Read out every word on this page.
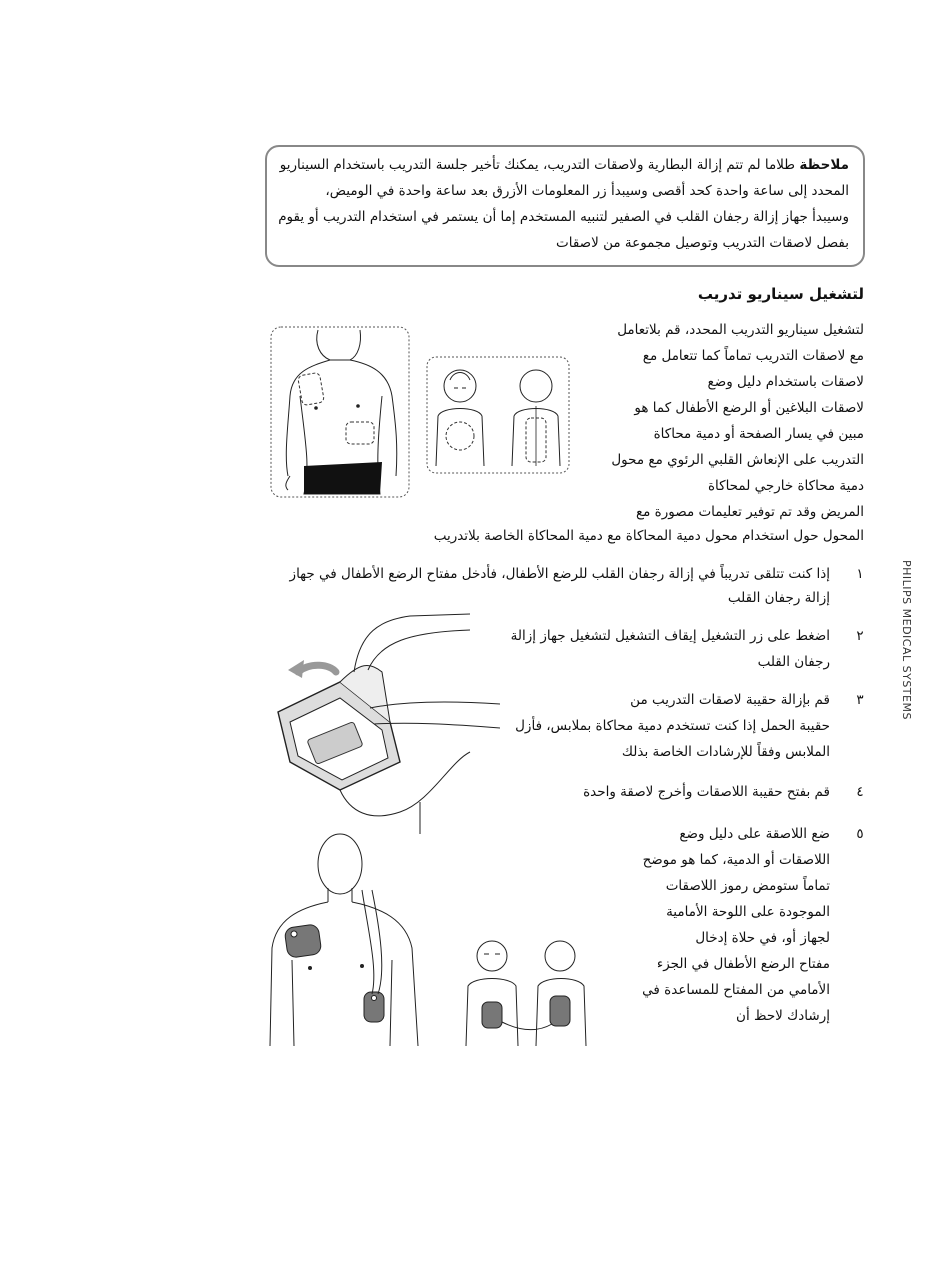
ملاحظة طلاما لم تتم إزالة البطارية ولاصقات التدريب، يمكنك تأخير جلسة التدريب باستخدام السيناريو
المحدد إلى ساعة واحدة كحد أقصى وسيبدأ زر المعلومات الأزرق بعد ساعة واحدة في الوميض،
وسيبدأ جهاز إزالة رجفان القلب في الصفير لتنبيه المستخدم إما أن يستمر في استخدام التدريب أو يقوم
بفصل لاصقات التدريب وتوصيل مجموعة من لاصقات
لتشغيل سيناريو تدريب
لتشغيل سيناريو التدريب المحدد، قم بلاتعامل
مع لاصقات التدريب تماماً كما تتعامل مع
لاصقات باستخدام دليل وضع
لاصقات البلاغين أو الرضع الأطفال كما هو
مبين في يسار الصفحة أو دمية محاكاة
التدريب على الإنعاش القلبي الرئوي مع محول
دمية محاكاة خارجي لمحاكاة
المريض وقد تم توفير تعليمات مصورة مع
المحول حول استخدام محول دمية المحاكاة مع دمية المحاكاة الخاصة بلاتدريب
١
إذا كنت تتلقى تدريباً في إزالة رجفان القلب للرضع الأطفال، فأدخل مفتاح الرضع الأطفال في جهاز
إزالة رجفان القلب
٢
اضغط على زر التشغيل إيقاف التشغيل لتشغيل جهاز إزالة
رجفان القلب
٣
قم بإزالة حقيبة لاصقات التدريب من
حقيبة الحمل إذا كنت تستخدم دمية محاكاة بملابس، فأزل
الملابس وفقاً للإرشادات الخاصة بذلك
٤
قم بفتح حقيبة اللاصقات وأخرج لاصقة واحدة
٥
ضع اللاصقة على دليل وضع
اللاصقات أو الدمية، كما هو موضح
تماماً ستومض رموز اللاصقات
الموجودة على اللوحة الأمامية
لجهاز أو، في حلاة إدخال
مفتاح الرضع الأطفال في الجزء
الأمامي من المفتاح للمساعدة في
إرشادك لاحظ أن
PHILIPS MEDICAL SYSTEMS
